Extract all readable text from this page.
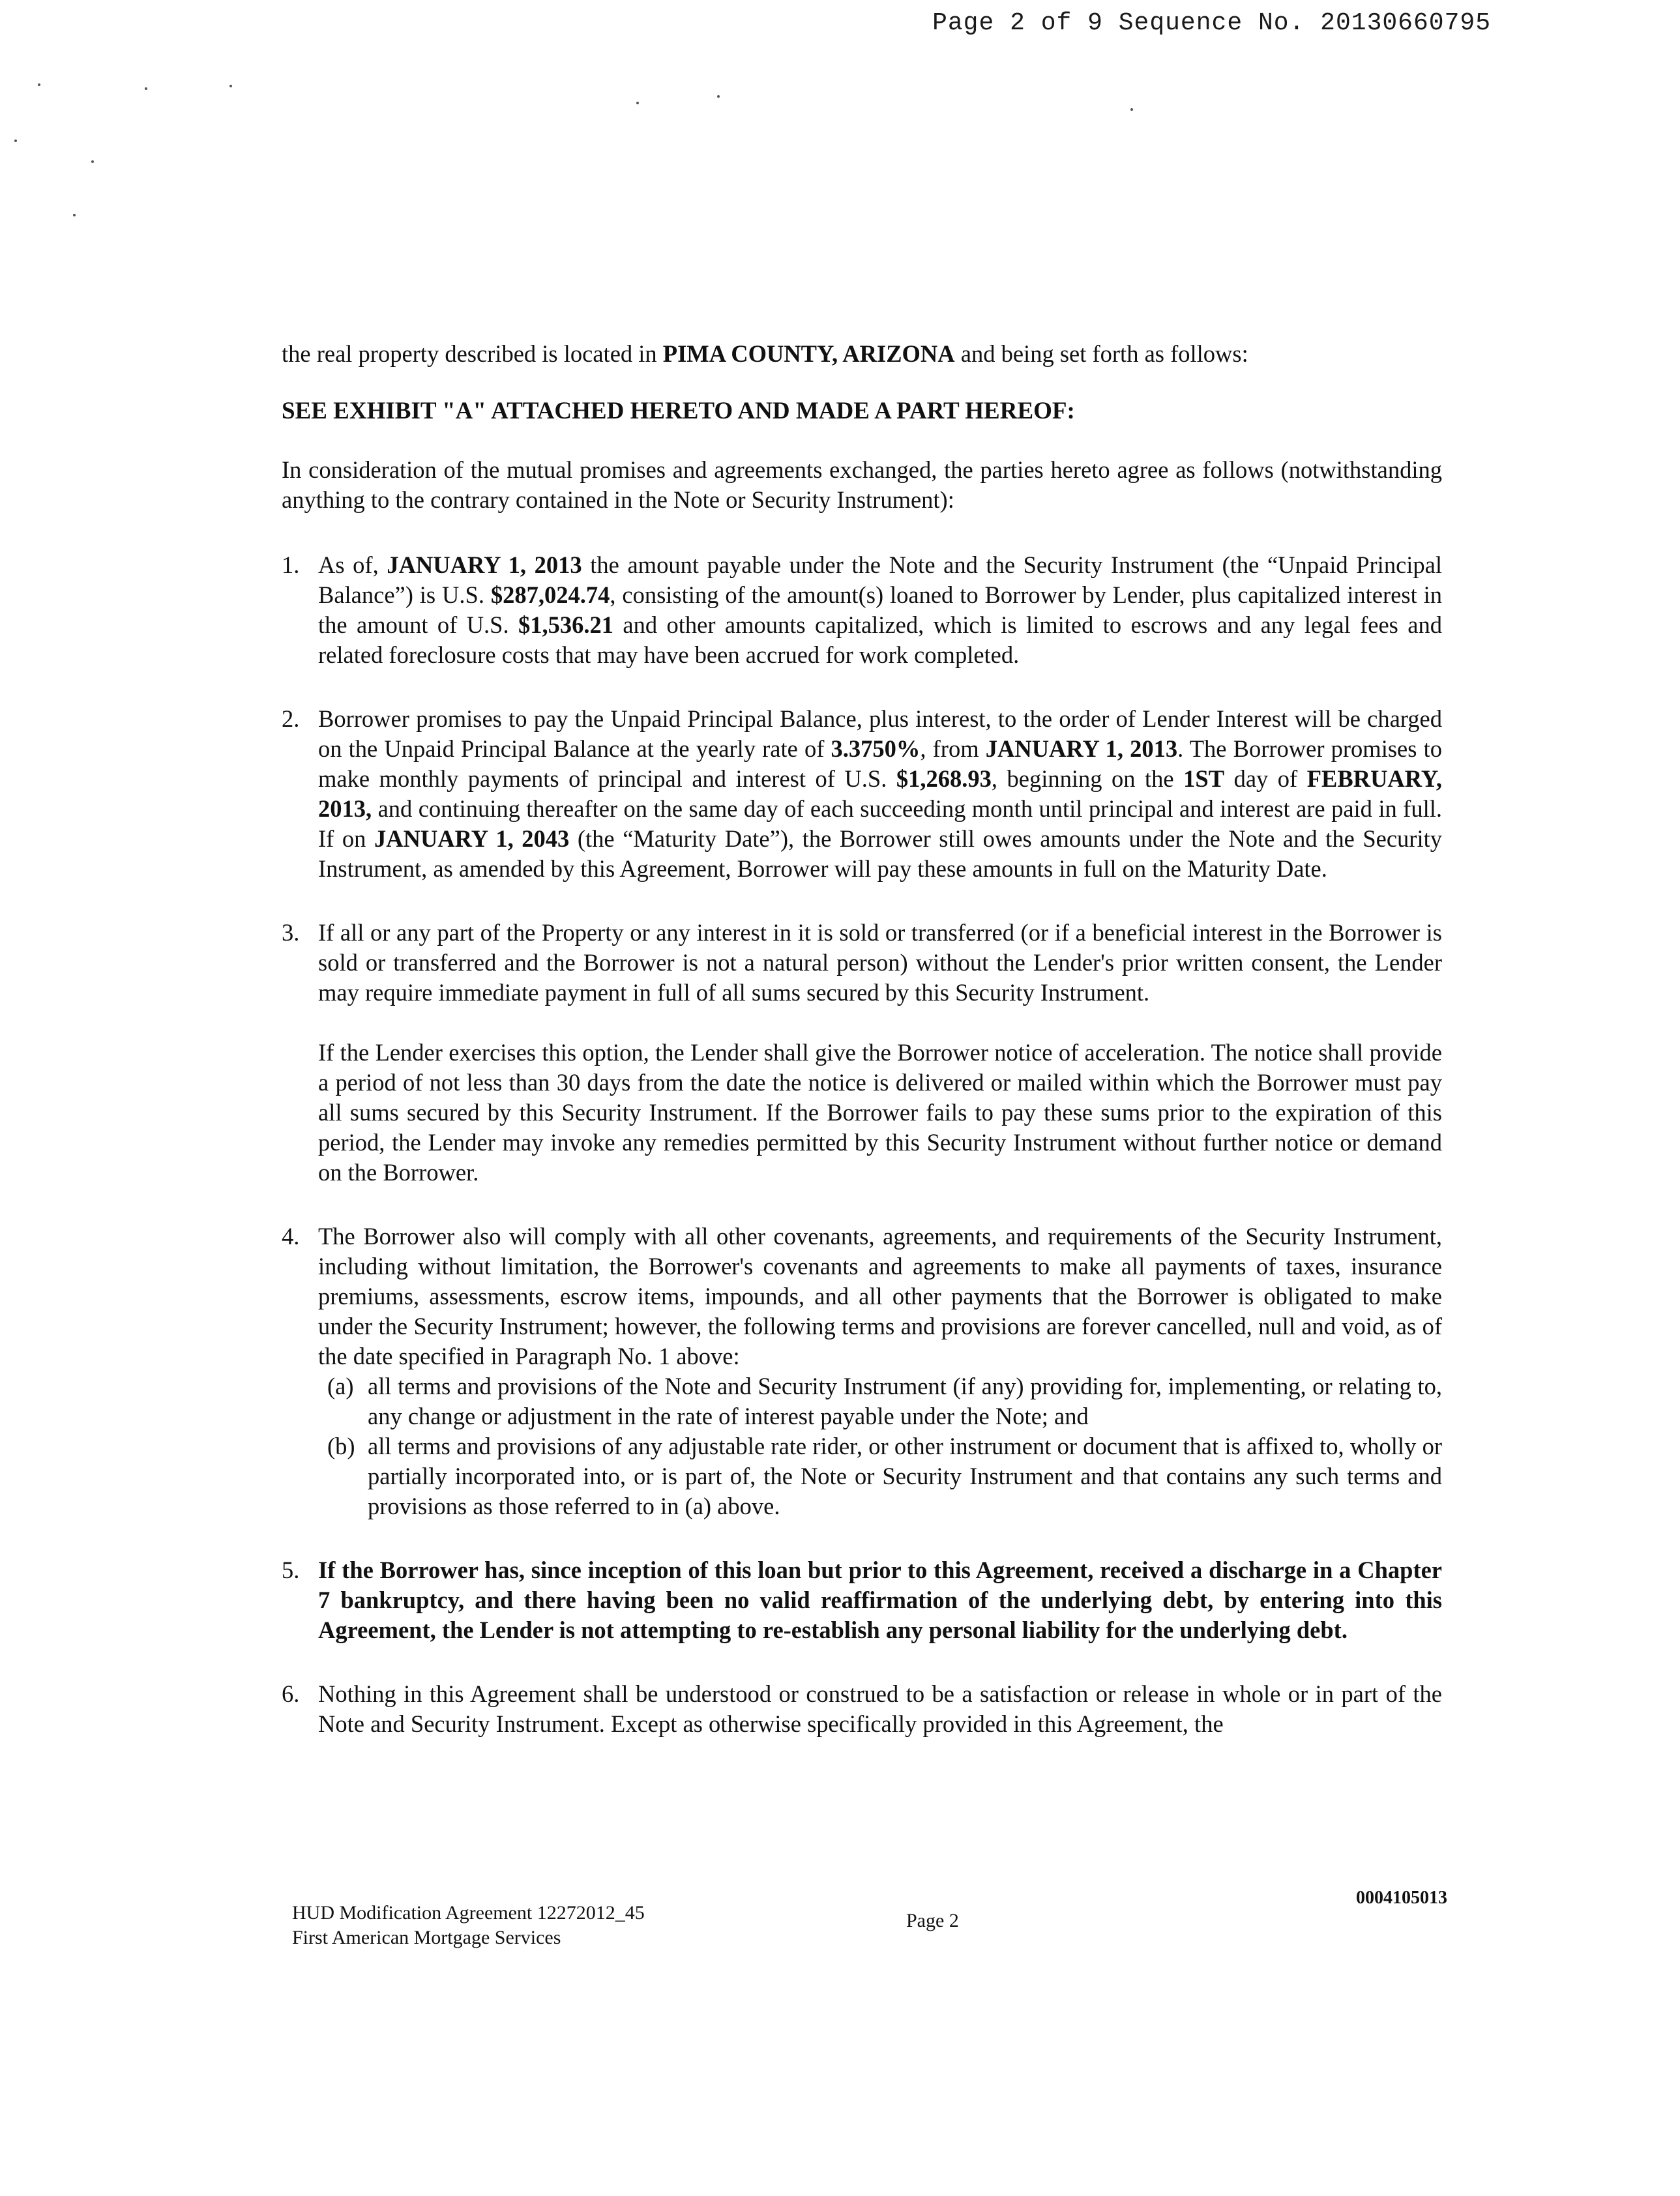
Page 2 of 9 Sequence No. 20130660795

the real property described is located in PIMA COUNTY, ARIZONA and being set forth as follows:

SEE EXHIBIT "A" ATTACHED HERETO AND MADE A PART HEREOF:

In consideration of the mutual promises and agreements exchanged, the parties hereto agree as follows (notwithstanding anything to the contrary contained in the Note or Security Instrument):

1. As of, JANUARY 1, 2013 the amount payable under the Note and the Security Instrument (the “Unpaid Principal Balance”) is U.S. $287,024.74, consisting of the amount(s) loaned to Borrower by Lender, plus capitalized interest in the amount of U.S. $1,536.21 and other amounts capitalized, which is limited to escrows and any legal fees and related foreclosure costs that may have been accrued for work completed.

2. Borrower promises to pay the Unpaid Principal Balance, plus interest, to the order of Lender Interest will be charged on the Unpaid Principal Balance at the yearly rate of 3.3750%, from JANUARY 1, 2013. The Borrower promises to make monthly payments of principal and interest of U.S. $1,268.93, beginning on the 1ST day of FEBRUARY, 2013, and continuing thereafter on the same day of each succeeding month until principal and interest are paid in full. If on JANUARY 1, 2043 (the “Maturity Date”), the Borrower still owes amounts under the Note and the Security Instrument, as amended by this Agreement, Borrower will pay these amounts in full on the Maturity Date.

3. If all or any part of the Property or any interest in it is sold or transferred (or if a beneficial interest in the Borrower is sold or transferred and the Borrower is not a natural person) without the Lender's prior written consent, the Lender may require immediate payment in full of all sums secured by this Security Instrument.

If the Lender exercises this option, the Lender shall give the Borrower notice of acceleration. The notice shall provide a period of not less than 30 days from the date the notice is delivered or mailed within which the Borrower must pay all sums secured by this Security Instrument. If the Borrower fails to pay these sums prior to the expiration of this period, the Lender may invoke any remedies permitted by this Security Instrument without further notice or demand on the Borrower.

4. The Borrower also will comply with all other covenants, agreements, and requirements of the Security Instrument, including without limitation, the Borrower's covenants and agreements to make all payments of taxes, insurance premiums, assessments, escrow items, impounds, and all other payments that the Borrower is obligated to make under the Security Instrument; however, the following terms and provisions are forever cancelled, null and void, as of the date specified in Paragraph No. 1 above:

(a) all terms and provisions of the Note and Security Instrument (if any) providing for, implementing, or relating to, any change or adjustment in the rate of interest payable under the Note; and
(b) all terms and provisions of any adjustable rate rider, or other instrument or document that is affixed to, wholly or partially incorporated into, or is part of, the Note or Security Instrument and that contains any such terms and provisions as those referred to in (a) above.
5. If the Borrower has, since inception of this loan but prior to this Agreement, received a discharge in a Chapter 7 bankruptcy, and there having been no valid reaffirmation of the underlying debt, by entering into this Agreement, the Lender is not attempting to re-establish any personal liability for the underlying debt.

6. Nothing in this Agreement shall be understood or construed to be a satisfaction or release in whole or in part of the Note and Security Instrument. Except as otherwise specifically provided in this Agreement, the

HUD Modification Agreement 12272012_45
First American Mortgage Services
Page 2
0004105013
